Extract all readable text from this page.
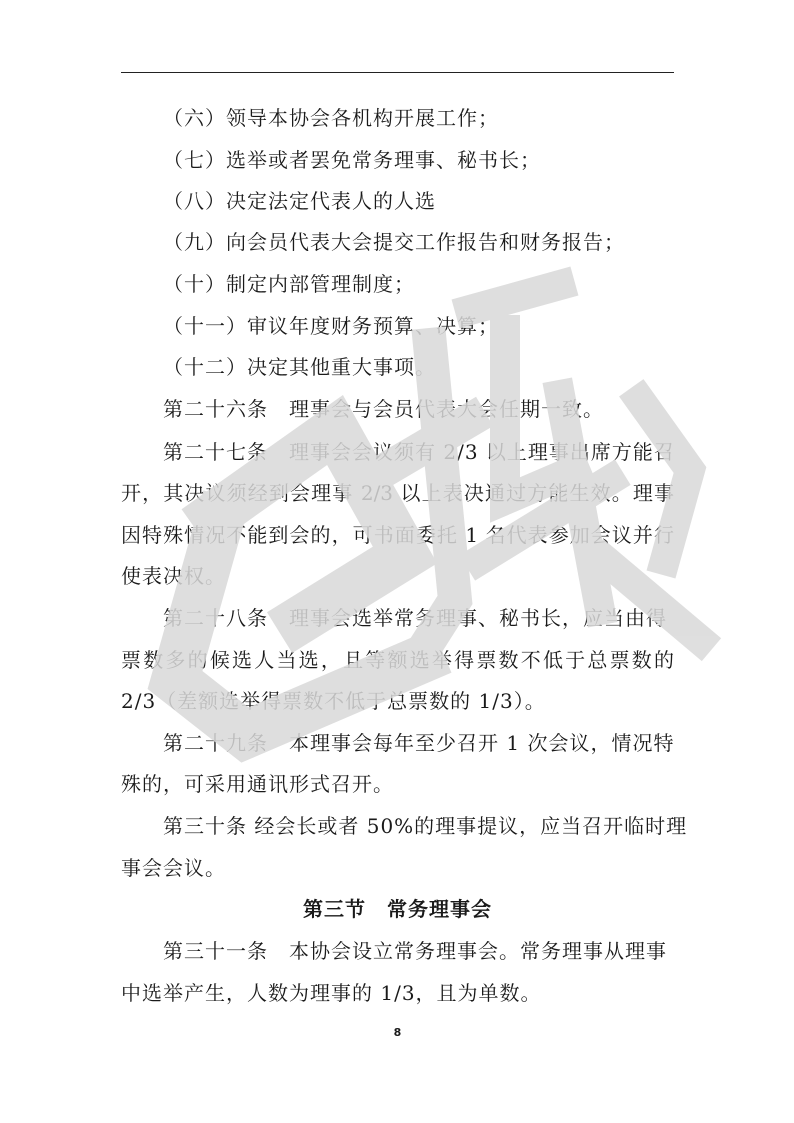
（六）领导本协会各机构开展工作；
（七）选举或者罢免常务理事、秘书长；
（八）决定法定代表人的人选
（九）向会员代表大会提交工作报告和财务报告；
（十）制定内部管理制度；
（十一）审议年度财务预算、决算；
（十二）决定其他重大事项。
第二十六条　理事会与会员代表大会任期一致。
第二十七条　理事会会议须有 2/3 以上理事出席方能召
开，其决议须经到会理事 2/3 以上表决通过方能生效。理事
因特殊情况不能到会的，可书面委托 1 名代表参加会议并行
使表决权。
第二十八条　理事会选举常务理事、秘书长，应当由得
票数多的候选人当选，且等额选举得票数不低于总票数的
2/3（差额选举得票数不低于总票数的 1/3）。
第二十九条　本理事会每年至少召开 1 次会议，情况特
殊的，可采用通讯形式召开。
第三十条 经会长或者 50%的理事提议，应当召开临时理
事会会议。
第三节　常务理事会
第三十一条　本协会设立常务理事会。常务理事从理事
中选举产生，人数为理事的 1/3，且为单数。
8
